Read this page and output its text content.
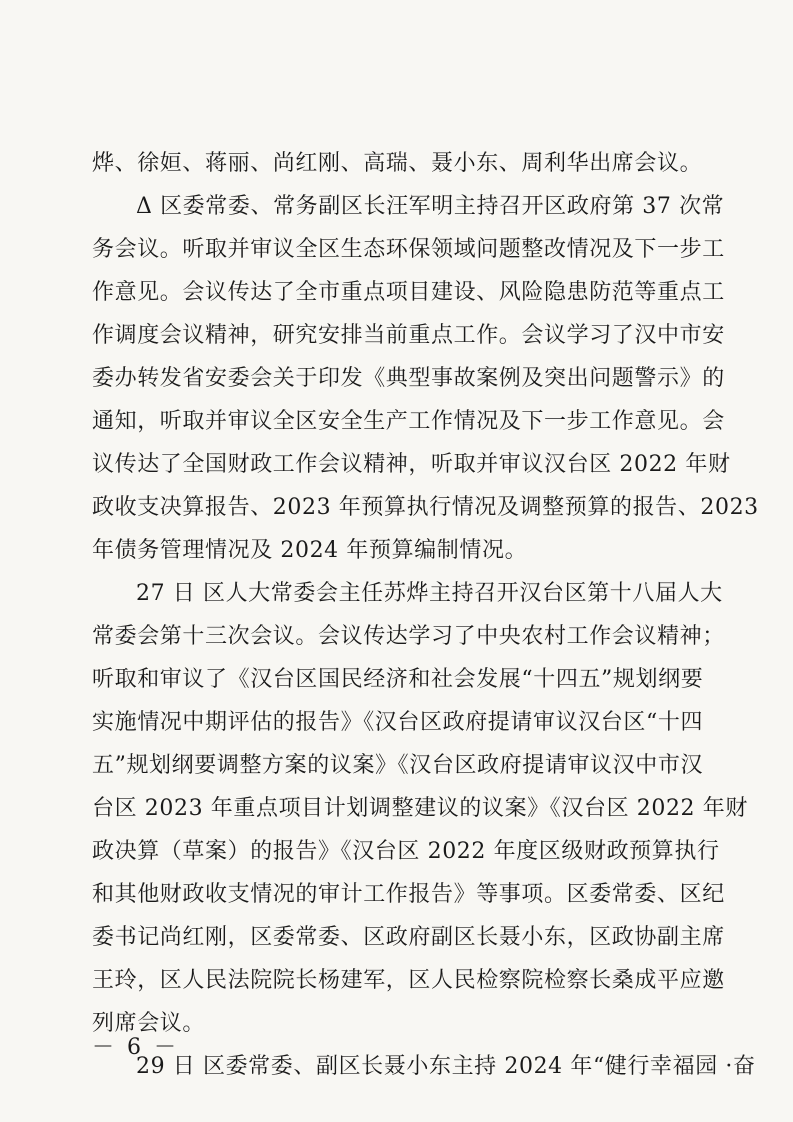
烨、徐姮、蒋丽、尚红刚、高瑞、聂小东、周利华出席会议。
Δ 区委常委、常务副区长汪军明主持召开区政府第 37 次常
务会议。听取并审议全区生态环保领域问题整改情况及下一步工
作意见。会议传达了全市重点项目建设、风险隐患防范等重点工
作调度会议精神，研究安排当前重点工作。会议学习了汉中市安
委办转发省安委会关于印发《典型事故案例及突出问题警示》的
通知，听取并审议全区安全生产工作情况及下一步工作意见。会
议传达了全国财政工作会议精神，听取并审议汉台区 2022 年财
政收支决算报告、2023 年预算执行情况及调整预算的报告、2023
年债务管理情况及 2024 年预算编制情况。
27 日 区人大常委会主任苏烨主持召开汉台区第十八届人大
常委会第十三次会议。会议传达学习了中央农村工作会议精神；
听取和审议了《汉台区国民经济和社会发展“十四五”规划纲要
实施情况中期评估的报告》《汉台区政府提请审议汉台区“十四
五”规划纲要调整方案的议案》《汉台区政府提请审议汉中市汉
台区 2023 年重点项目计划调整建议的议案》《汉台区 2022 年财
政决算（草案）的报告》《汉台区 2022 年度区级财政预算执行
和其他财政收支情况的审计工作报告》等事项。区委常委、区纪
委书记尚红刚，区委常委、区政府副区长聂小东，区政协副主席
王玲，区人民法院院长杨建军，区人民检察院检察长桑成平应邀
列席会议。
29 日 区委常委、副区长聂小东主持 2024 年“健行幸福园 ·奋
－ 6 －
